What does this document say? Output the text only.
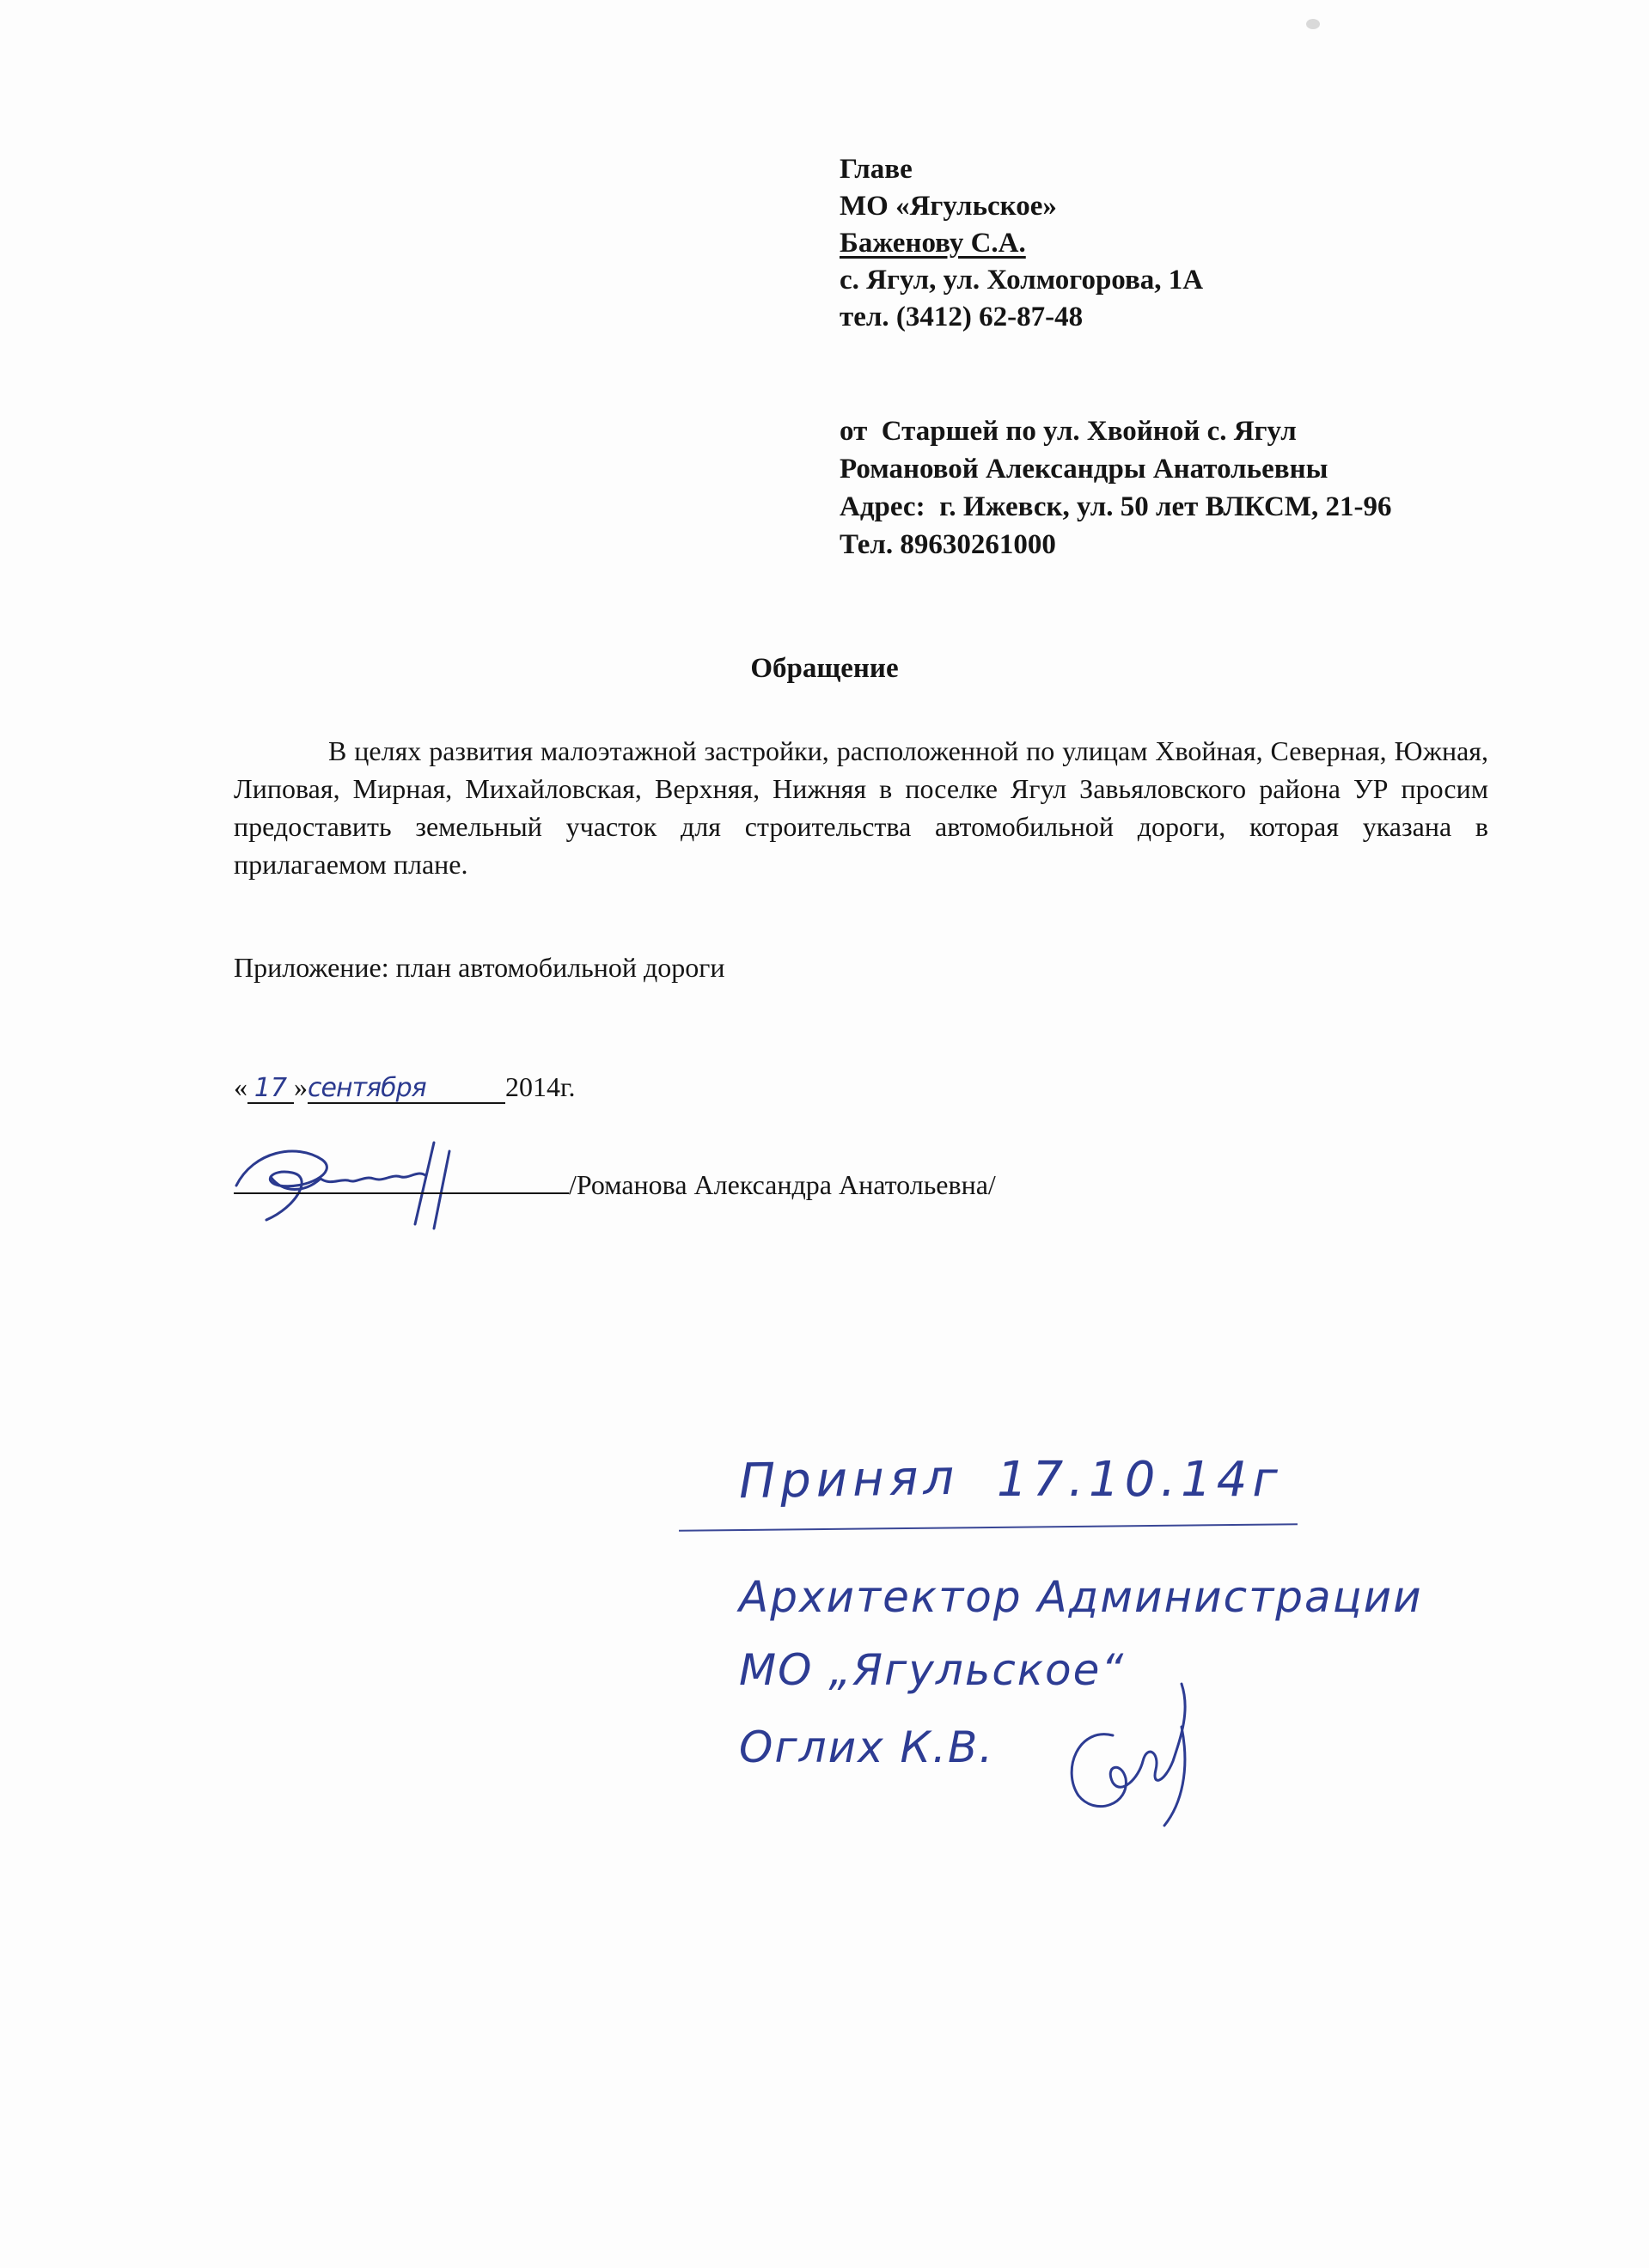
Главе
МО «Ягульское»
Баженову С.А.
с. Ягул, ул. Холмогорова, 1А
тел. (3412) 62-87-48
от  Старшей по ул. Хвойной с. Ягул
Романовой Александры Анатольевны
Адрес:  г. Ижевск, ул. 50 лет ВЛКСМ, 21-96
Тел. 89630261000
Обращение

В целях развития малоэтажной застройки, расположенной по улицам Хвойная, Северная, Южная, Липовая, Мирная, Михайловская, Верхняя, Нижняя в поселке Ягул Завьяловского района УР просим предоставить земельный участок для строительства автомобильной дороги, которая указана в прилагаемом плане.

Приложение: план автомобильной дороги

« 17 »сентября	2014г.
/Романова Александра Анатольевна/
Принял 17.10.14г
Архитектор Администрации
МО „Ягульское“
Оглих К.В.
